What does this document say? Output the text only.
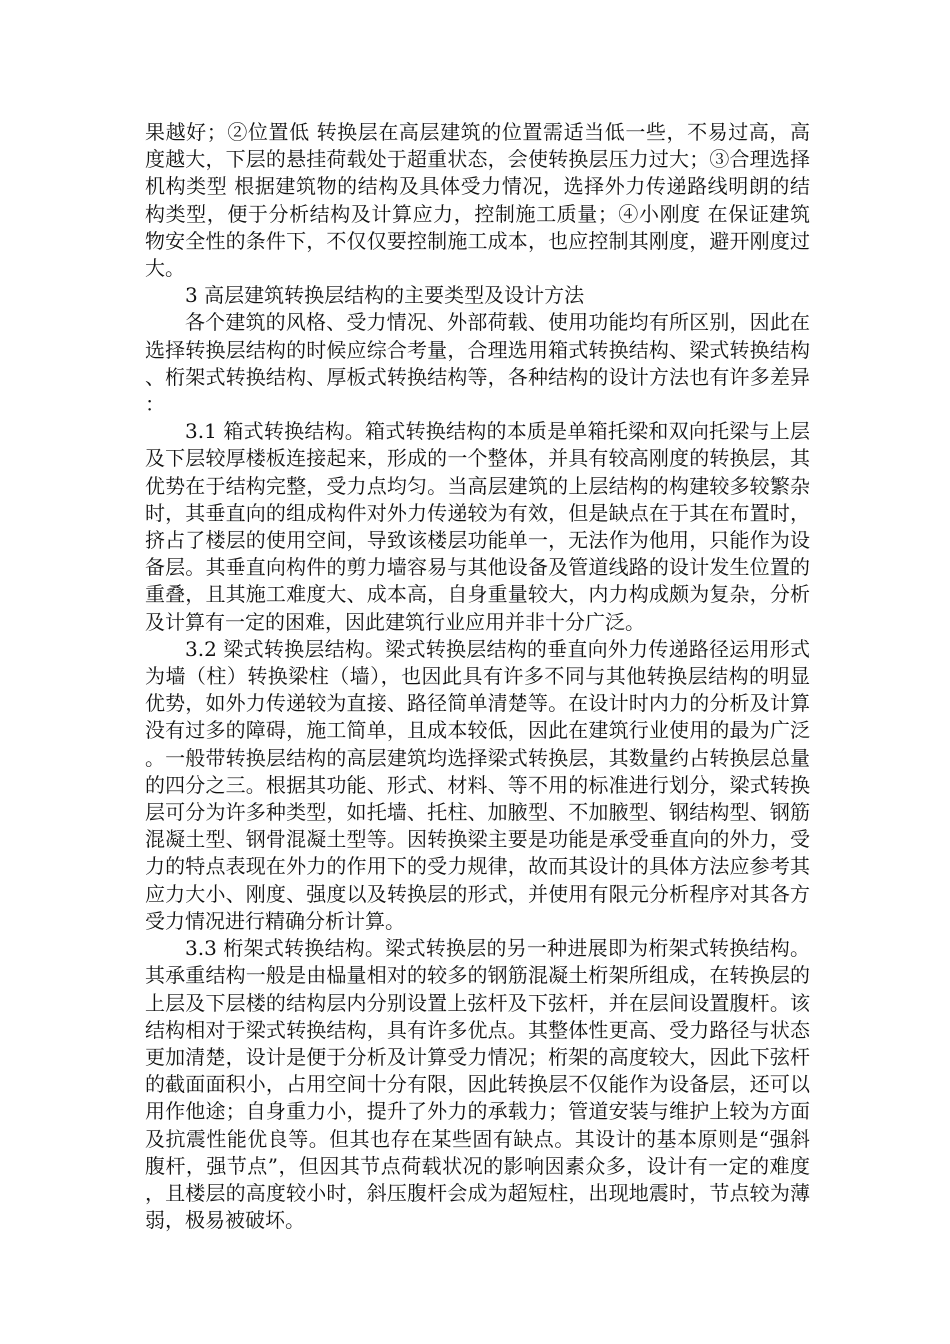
果越好；②位置低 转换层在高层建筑的位置需适当低一些，不易过高，高度越大，下层的悬挂荷载处于超重状态，会使转换层压力过大；③合理选择机构类型 根据建筑物的结构及具体受力情况，选择外力传递路线明朗的结构类型，便于分析结构及计算应力，控制施工质量；④小刚度 在保证建筑物安全性的条件下，不仅仅要控制施工成本，也应控制其刚度，避开刚度过大。

3 高层建筑转换层结构的主要类型及设计方法

各个建筑的风格、受力情况、外部荷载、使用功能均有所区别，因此在选择转换层结构的时候应综合考量，合理选用箱式转换结构、梁式转换结构、桁架式转换结构、厚板式转换结构等，各种结构的设计方法也有许多差异：

3.1 箱式转换结构。箱式转换结构的本质是单箱托梁和双向托梁与上层及下层较厚楼板连接起来，形成的一个整体，并具有较高刚度的转换层，其优势在于结构完整，受力点均匀。当高层建筑的上层结构的构建较多较繁杂时，其垂直向的组成构件对外力传递较为有效，但是缺点在于其在布置时，挤占了楼层的使用空间，导致该楼层功能单一，无法作为他用，只能作为设备层。其垂直向构件的剪力墙容易与其他设备及管道线路的设计发生位置的重叠，且其施工难度大、成本高，自身重量较大，内力构成颇为复杂，分析及计算有一定的困难，因此建筑行业应用并非十分广泛。

3.2 梁式转换层结构。梁式转换层结构的垂直向外力传递路径运用形式为墙（柱）转换梁柱（墙），也因此具有许多不同与其他转换层结构的明显优势，如外力传递较为直接、路径简单清楚等。在设计时内力的分析及计算没有过多的障碍，施工简单，且成本较低，因此在建筑行业使用的最为广泛。一般带转换层结构的高层建筑均选择梁式转换层，其数量约占转换层总量的四分之三。根据其功能、形式、材料、等不用的标准进行划分，梁式转换层可分为许多种类型，如托墙、托柱、加腋型、不加腋型、钢结构型、钢筋混凝土型、钢骨混凝土型等。因转换梁主要是功能是承受垂直向的外力，受力的特点表现在外力的作用下的受力规律，故而其设计的具体方法应参考其应力大小、刚度、强度以及转换层的形式，并使用有限元分析程序对其各方受力情况进行精确分析计算。

3.3 桁架式转换结构。梁式转换层的另一种进展即为桁架式转换结构。其承重结构一般是由榀量相对的较多的钢筋混凝土桁架所组成，在转换层的上层及下层楼的结构层内分别设置上弦杆及下弦杆，并在层间设置腹杆。该结构相对于梁式转换结构，具有许多优点。其整体性更高、受力路径与状态更加清楚，设计是便于分析及计算受力情况；桁架的高度较大，因此下弦杆的截面面积小，占用空间十分有限，因此转换层不仅能作为设备层，还可以用作他途；自身重力小，提升了外力的承载力；管道安装与维护上较为方面及抗震性能优良等。但其也存在某些固有缺点。其设计的基本原则是“强斜腹杆，强节点”，但因其节点荷载状况的影响因素众多，设计有一定的难度，且楼层的高度较小时，斜压腹杆会成为超短柱，出现地震时，节点较为薄弱，极易被破坏。
